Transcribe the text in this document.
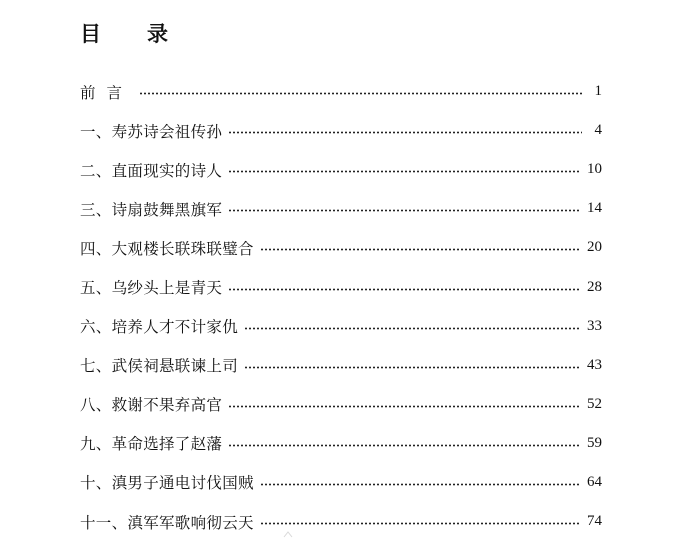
目 录
前言	1
一、寿苏诗会祖传孙	4
二、直面现实的诗人	10
三、诗扇鼓舞黑旗军	14
四、大观楼长联珠联璧合	20
五、乌纱头上是青天	28
六、培养人才不计家仇	33
七、武侯祠悬联谏上司	43
八、救谢不果弃高官	52
九、革命选择了赵藩	59
十、滇男子通电讨伐国贼	64
十一、滇军军歌响彻云天	74
